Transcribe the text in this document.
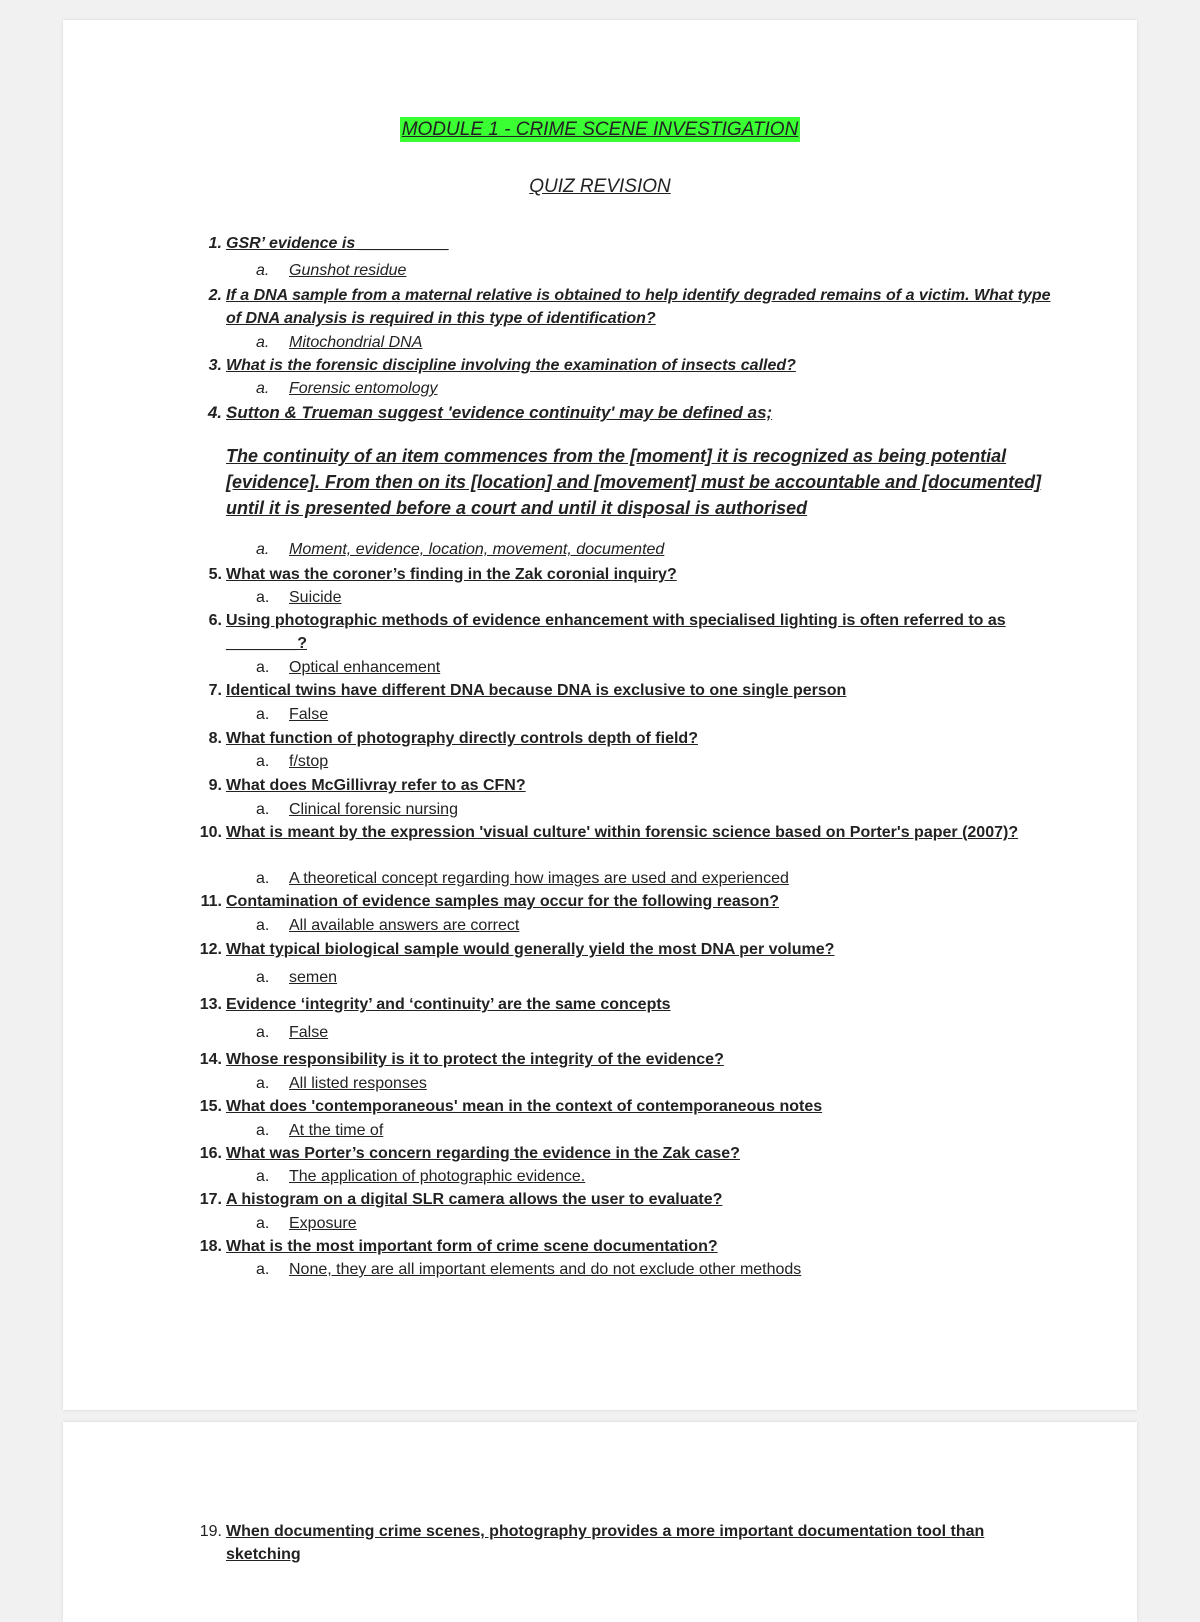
MODULE 1 - CRIME SCENE INVESTIGATION
QUIZ REVISION
1. GSR’ evidence is __________
a.	Gunshot residue
2. If a DNA sample from a maternal relative is obtained to help identify degraded remains of a victim. What type of DNA analysis is required in this type of identification?
a.	Mitochondrial DNA
3. What is the forensic discipline involving the examination of insects called?
a.	Forensic entomology
4. Sutton & Trueman suggest 'evidence continuity' may be defined as;
The continuity of an item commences from the [moment] it is recognized as being potential [evidence]. From then on its [location] and [movement] must be accountable and [documented] until it is presented before a court and until it disposal is authorised
a.	Moment, evidence, location, movement, documented
5. What was the coroner’s finding in the Zak coronial inquiry?
a.	Suicide
6. Using photographic methods of evidence enhancement with specialised lighting is often referred to as ________?
a.	Optical enhancement
7. Identical twins have different DNA because DNA is exclusive to one single person
a.	False
8. What function of photography directly controls depth of field?
a.	f/stop
9. What does McGillivray refer to as CFN?
a.	Clinical forensic nursing
10. What is meant by the expression 'visual culture' within forensic science based on Porter's paper (2007)?
a.	A theoretical concept regarding how images are used and experienced
11. Contamination of evidence samples may occur for the following reason?
a.	All available answers are correct
12. What typical biological sample would generally yield the most DNA per volume?
a.	semen
13. Evidence ‘integrity’ and ‘continuity’ are the same concepts
a.	False
14. Whose responsibility is it to protect the integrity of the evidence?
a.	All listed responses
15. What does 'contemporaneous' mean in the context of contemporaneous notes
a.	At the time of
16. What was Porter’s concern regarding the evidence in the Zak case?
a.	The application of photographic evidence.
17. A histogram on a digital SLR camera allows the user to evaluate?
a.	Exposure
18. What is the most important form of crime scene documentation?
a.	None, they are all important elements and do not exclude other methods
19. When documenting crime scenes, photography provides a more important documentation tool than sketching
